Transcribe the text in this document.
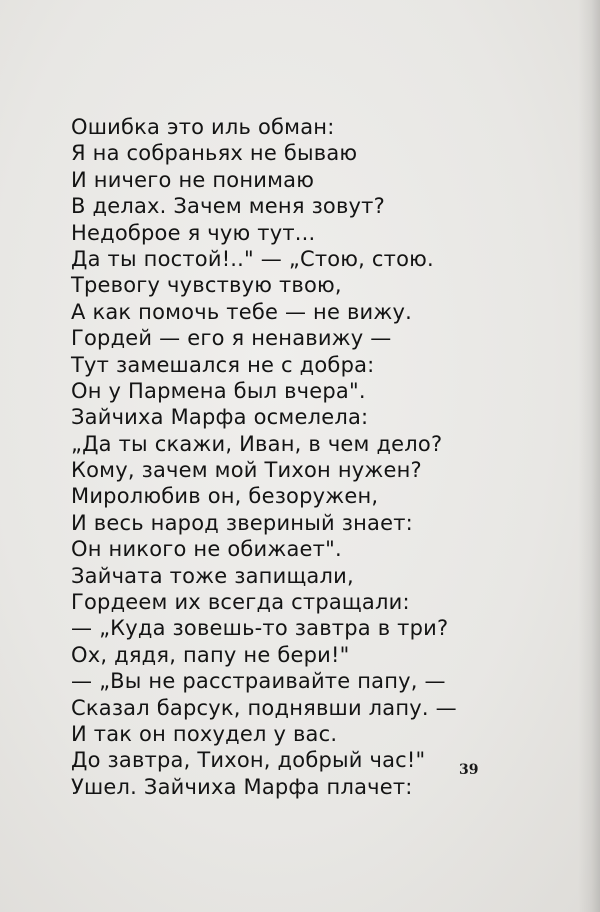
Ошибка это иль обман:
Я на собраньях не бываю
И ничего не понимаю
В делах. Зачем меня зовут?
Недоброе я чую тут...
Да ты постой!.." — „Стою, стою.
Тревогу чувствую твою,
А как помочь тебе — не вижу.
Гордей — его я ненавижу —
Тут замешался не с добра:
Он у Пармена был вчера".
Зайчиха Марфа осмелела:
„Да ты скажи, Иван, в чем дело?
Кому, зачем мой Тихон нужен?
Миролюбив он, безоружен,
И весь народ звериный знает:
Он никого не обижает".
Зайчата тоже запищали,
Гордеем их всегда стращали:
— „Куда зовешь-то завтра в три?
Ох, дядя, папу не бери!"
— „Вы не расстраивайте папу, —
Сказал барсук, поднявши лапу. —
И так он похудел у вас.
До завтра, Тихон, добрый час!"
Ушел. Зайчиха Марфа плачет:
39
